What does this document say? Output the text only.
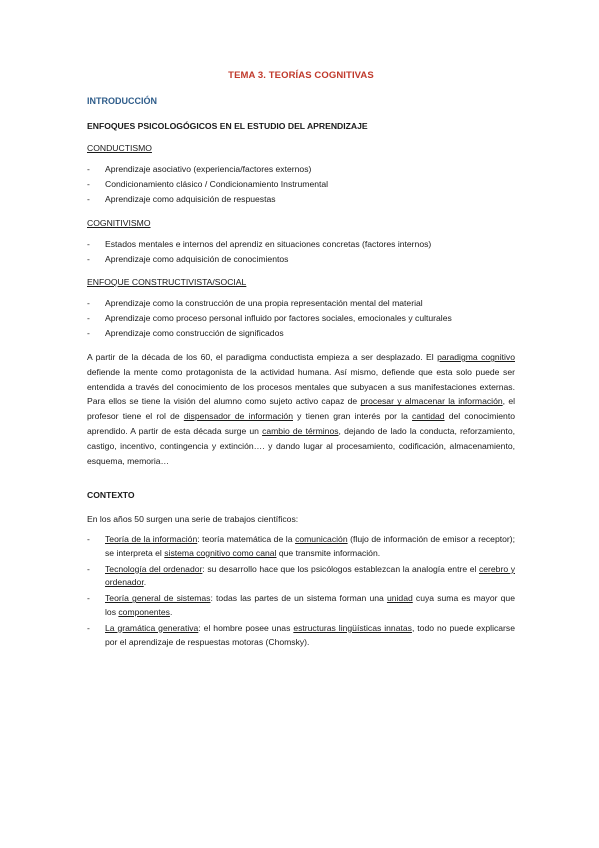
TEMA 3. TEORÍAS COGNITIVAS
INTRODUCCIÓN
ENFOQUES PSICOLOGÓGICOS EN EL ESTUDIO DEL APRENDIZAJE
CONDUCTISMO
- Aprendizaje asociativo (experiencia/factores externos)
- Condicionamiento clásico / Condicionamiento Instrumental
- Aprendizaje como adquisición de respuestas
COGNITIVISMO
- Estados mentales e internos del aprendiz en situaciones concretas (factores internos)
- Aprendizaje como adquisición de conocimientos
ENFOQUE CONSTRUCTIVISTA/SOCIAL
- Aprendizaje como la construcción de una propia representación mental del material
- Aprendizaje como proceso personal influido por factores sociales, emocionales y culturales
- Aprendizaje como construcción de significados
A partir de la década de los 60, el paradigma conductista empieza a ser desplazado. El paradigma cognitivo defiende la mente como protagonista de la actividad humana. Así mismo, defiende que esta solo puede ser entendida a través del conocimiento de los procesos mentales que subyacen a sus manifestaciones externas. Para ellos se tiene la visión del alumno como sujeto activo capaz de procesar y almacenar la información, el profesor tiene el rol de dispensador de información y tienen gran interés por la cantidad del conocimiento aprendido. A partir de esta década surge un cambio de términos, dejando de lado la conducta, reforzamiento, castigo, incentivo, contingencia y extinción…. y dando lugar al procesamiento, codificación, almacenamiento, esquema, memoria…
CONTEXTO
En los años 50 surgen una serie de trabajos científicos:
- Teoría de la información: teoría matemática de la comunicación (flujo de información de emisor a receptor); se interpreta el sistema cognitivo como canal que transmite información.
- Tecnología del ordenador: su desarrollo hace que los psicólogos establezcan la analogía entre el cerebro y ordenador.
- Teoría general de sistemas: todas las partes de un sistema forman una unidad cuya suma es mayor que los componentes.
- La gramática generativa: el hombre posee unas estructuras lingüísticas innatas, todo no puede explicarse por el aprendizaje de respuestas motoras (Chomsky).
